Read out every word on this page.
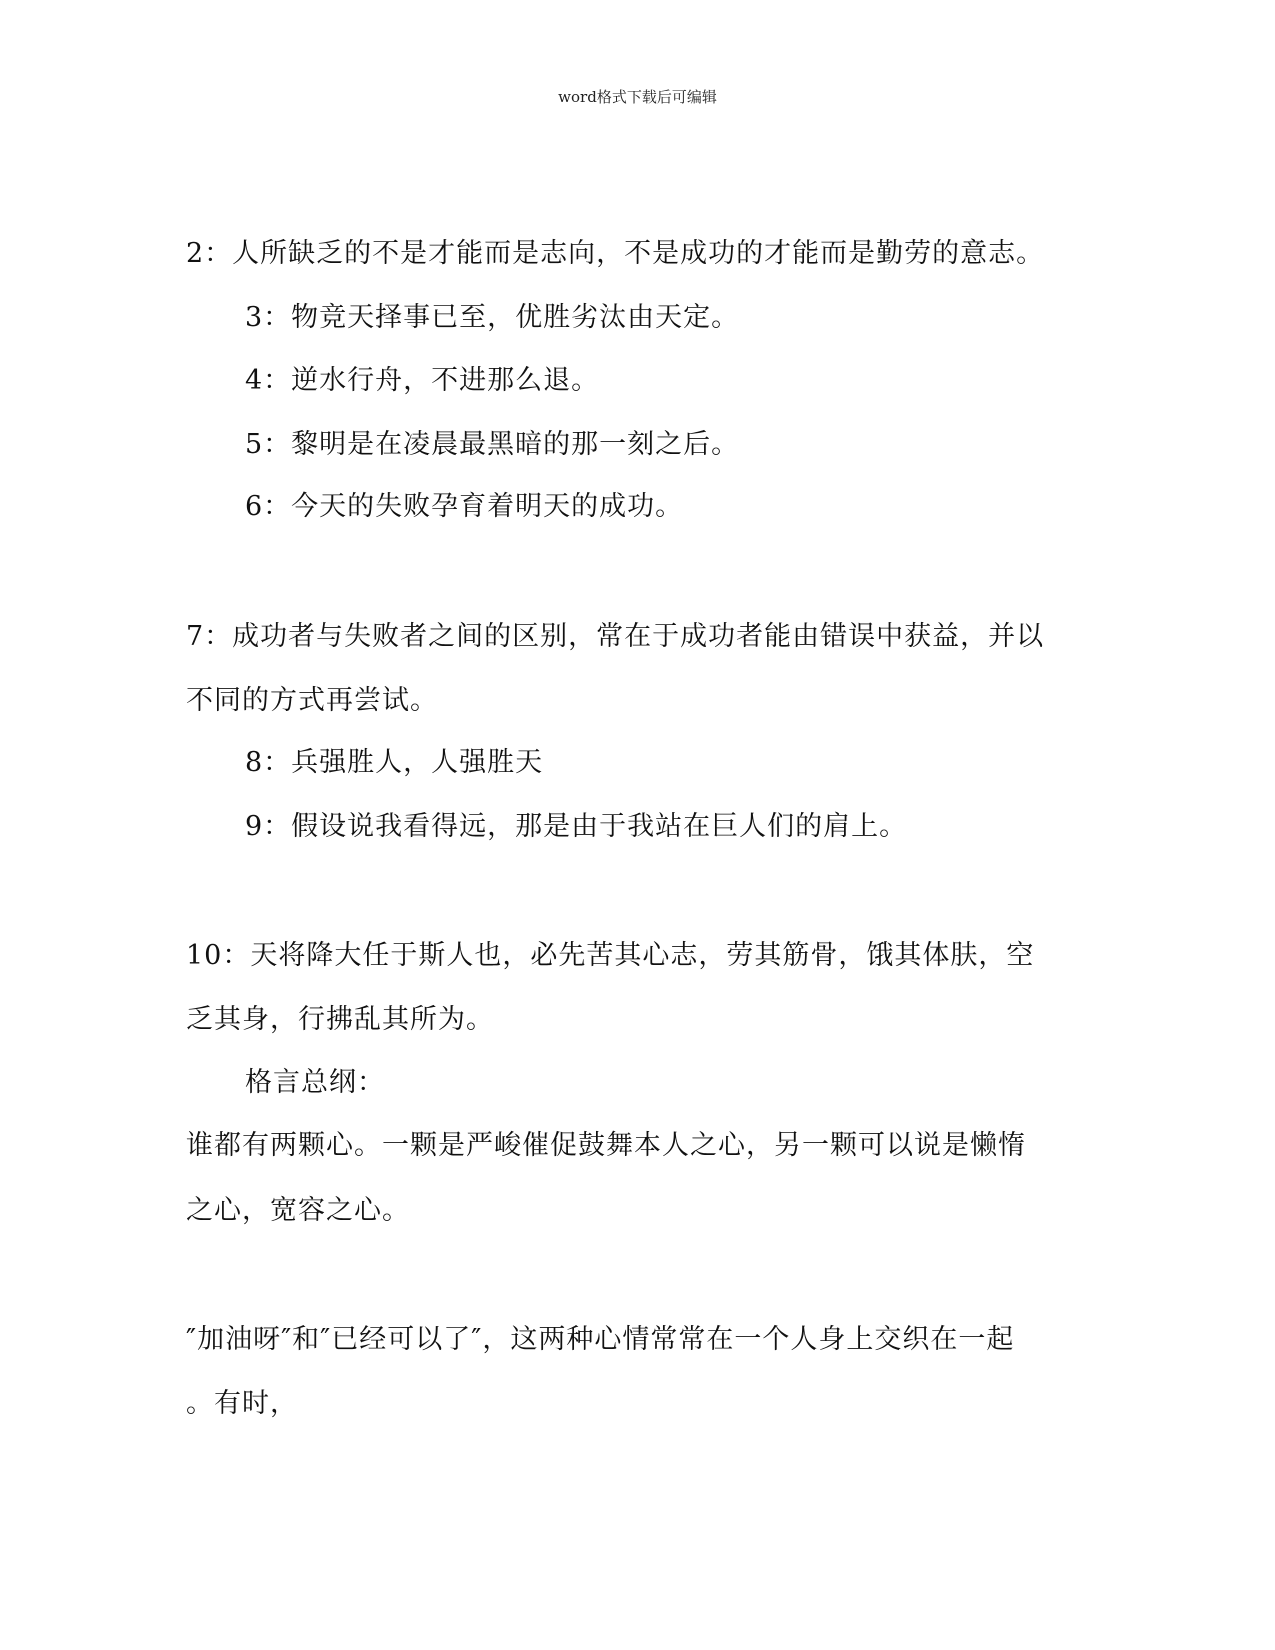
word格式下载后可编辑
2：人所缺乏的不是才能而是志向，不是成功的才能而是勤劳的意志。
3：物竞天择事已至，优胜劣汰由天定。
4：逆水行舟，不进那么退。
5：黎明是在凌晨最黑暗的那一刻之后。
6：今天的失败孕育着明天的成功。
7：成功者与失败者之间的区别，常在于成功者能由错误中获益，并以
不同的方式再尝试。
8：兵强胜人，人强胜天
9：假设说我看得远，那是由于我站在巨人们的肩上。
10：天将降大任于斯人也，必先苦其心志，劳其筋骨，饿其体肤，空
乏其身，行拂乱其所为。
格言总纲：
谁都有两颗心。一颗是严峻催促鼓舞本人之心，另一颗可以说是懒惰
之心，宽容之心。
″加油呀″和″已经可以了″，这两种心情常常在一个人身上交织在一起
。有时，
